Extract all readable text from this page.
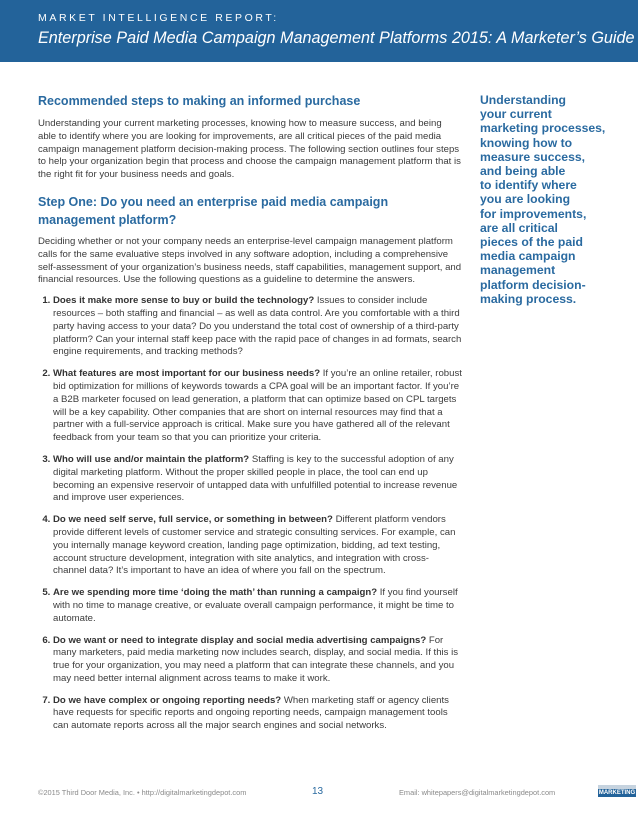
MARKET INTELLIGENCE REPORT:
Enterprise Paid Media Campaign Management Platforms 2015: A Marketer’s Guide
Recommended steps to making an informed purchase

Understanding your current marketing processes, knowing how to measure success, and being able to identify where you are looking for improvements, are all critical pieces of the paid media campaign management platform decision-making process. The following section outlines four steps to help your organization begin that process and choose the campaign management platform that is the right fit for your business needs and goals.

Step One: Do you need an enterprise paid media campaign management platform?

Deciding whether or not your company needs an enterprise-level campaign management platform calls for the same evaluative steps involved in any software adoption, including a comprehensive self-assessment of your organization’s business needs, staff capabilities, management support, and financial resources. Use the following questions as a guideline to determine the answers.

1. Does it make more sense to buy or build the technology? Issues to consider include resources – both staffing and financial – as well as data control. Are you comfortable with a third party having access to your data? Do you understand the total cost of ownership of a third-party platform? Can your internal staff keep pace with the rapid pace of changes in ad formats, search engine requirements, and tracking methods?
2. What features are most important for our business needs? If you’re an online retailer, robust bid optimization for millions of keywords towards a CPA goal will be an important factor. If you’re a B2B marketer focused on lead generation, a platform that can optimize based on CPL targets will be a key capability. Other companies that are short on internal resources may find that a partner with a full-service approach is critical. Make sure you have gathered all of the relevant feedback from your team so that you can prioritize your criteria.
3. Who will use and/or maintain the platform? Staffing is key to the successful adoption of any digital marketing platform. Without the proper skilled people in place, the tool can end up becoming an expensive reservoir of untapped data with unfulfilled potential to increase revenue and improve user experiences.
4. Do we need self serve, full service, or something in between? Different platform vendors provide different levels of customer service and strategic consulting services. For example, can you internally manage keyword creation, landing page optimization, bidding, ad text testing, account structure development, integration with site analytics, and integration with cross-channel data? It’s important to have an idea of where you fall on the spectrum.
5. Are we spending more time ‘doing the math’ than running a campaign? If you find yourself with no time to manage creative, or evaluate overall campaign performance, it might be time to automate.
6. Do we want or need to integrate display and social media advertising campaigns? For many marketers, paid media marketing now includes search, display, and social media. If this is true for your organization, you may need a platform that can integrate these channels, and you may need better internal alignment across teams to make it work.
7. Do we have complex or ongoing reporting needs? When marketing staff or agency clients have requests for specific reports and ongoing reporting needs, campaign management tools can automate reports across all the major search engines and social networks.
Understanding
your current
marketing processes,
knowing how to
measure success,
and being able
to identify where
you are looking
for improvements,
are all critical
pieces of the paid
media campaign
management
platform decision-
making process.
©2015 Third Door Media, Inc. • http://digitalmarketingdepot.com	13	Email: whitepapers@digitalmarketingdepot.com	MARKETING
